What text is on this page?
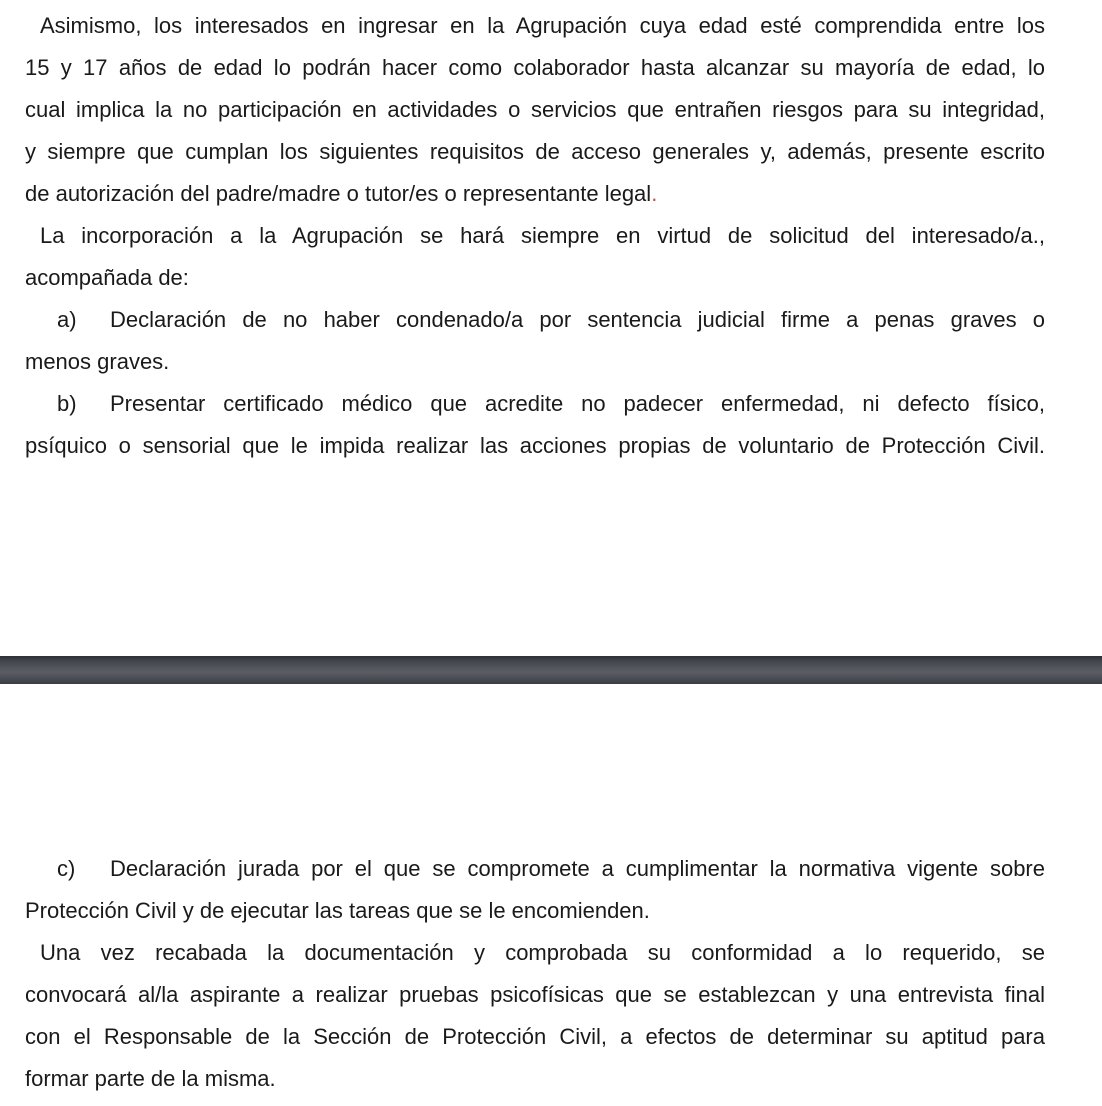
Asimismo, los interesados en ingresar en la Agrupación cuya edad esté comprendida entre los
15 y 17 años de edad lo podrán hacer como colaborador hasta alcanzar su mayoría de edad, lo
cual implica la no participación en actividades o servicios que entrañen riesgos para su integridad,
y siempre que cumplan los siguientes requisitos de acceso generales y, además, presente escrito
de autorización del padre/madre o tutor/es o representante legal.

La incorporación a la Agrupación se hará siempre en virtud de solicitud del interesado/a.,
acompañada de:

a) Declaración de no haber condenado/a por sentencia judicial firme a penas graves o
menos graves.

b) Presentar certificado médico que acredite no padecer enfermedad, ni defecto físico,
psíquico o sensorial que le impida realizar las acciones propias de voluntario de Protección Civil.

c) Declaración jurada por el que se compromete a cumplimentar la normativa vigente sobre
Protección Civil y de ejecutar las tareas que se le encomienden.

Una vez recabada la documentación y comprobada su conformidad a lo requerido, se
convocará al/la aspirante a realizar pruebas psicofísicas que se establezcan y una entrevista final
con el Responsable de la Sección de Protección Civil, a efectos de determinar su aptitud para
formar parte de la misma.
